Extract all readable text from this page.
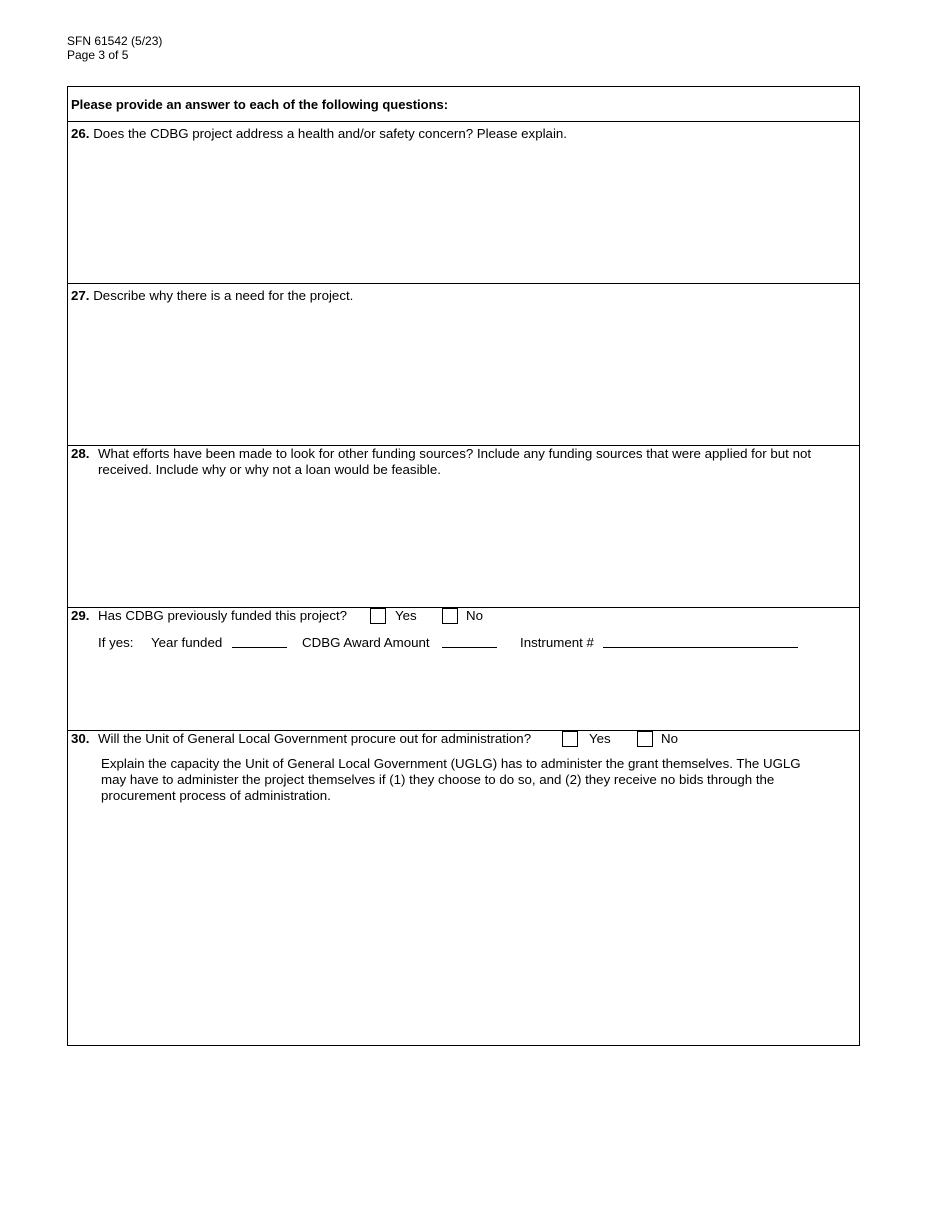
SFN 61542 (5/23)
Page 3 of 5
Please provide an answer to each of the following questions:
26. Does the CDBG project address a health and/or safety concern? Please explain.
27. Describe why there is a need for the project.
28. What efforts have been made to look for other funding sources? Include any funding sources that were applied for but not
received. Include why or why not a loan would be feasible.
29. Has CDBG previously funded this project?	Yes	No
If yes: Year funded	CDBG Award Amount	Instrument #
30. Will the Unit of General Local Government procure out for administration?	Yes	No
Explain the capacity the Unit of General Local Government (UGLG) has to administer the grant themselves. The UGLG
may have to administer the project themselves if (1) they choose to do so, and (2) they receive no bids through the
procurement process of administration.
